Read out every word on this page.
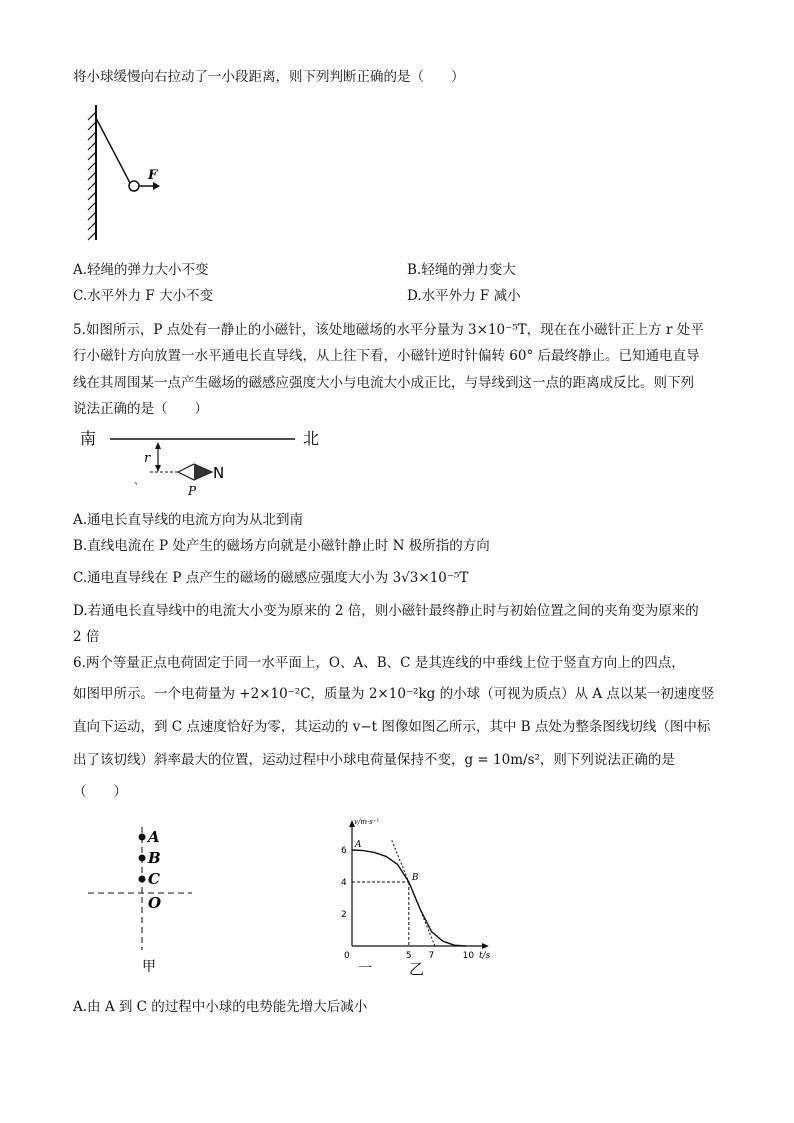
将小球缓慢向右拉动了一小段距离，则下列判断正确的是（　　）
F
A.轻绳的弹力大小不变	B.轻绳的弹力变大
C.水平外力 F 大小不变	D.水平外力 F 减小
5.如图所示，P 点处有一静止的小磁针，该处地磁场的水平分量为 3×10⁻⁵T，现在在小磁针正上方 r 处平
行小磁针方向放置一水平通电长直导线，从上往下看，小磁针逆时针偏转 60° 后最终静止。已知通电直导
线在其周围某一点产生磁场的磁感应强度大小与电流大小成正比，与导线到这一点的距离成反比。则下列
说法正确的是（　　）
南	北
r
、	N
P
A.通电长直导线的电流方向为从北到南
B.直线电流在 P 处产生的磁场方向就是小磁针静止时 N 极所指的方向
C.通电直导线在 P 点产生的磁场的磁感应强度大小为 3√3×10⁻⁵T
D.若通电长直导线中的电流大小变为原来的 2 倍，则小磁针最终静止时与初始位置之间的夹角变为原来的
2 倍
6.两个等量正点电荷固定于同一水平面上，O、A、B、C 是其连线的中垂线上位于竖直方向上的四点，
如图甲所示。一个电荷量为 +2×10⁻²C，质量为 2×10⁻²kg 的小球（可视为质点）从 A 点以某一初速度竖
直向下运动，到 C 点速度恰好为零，其运动的 v−t 图像如图乙所示，其中 B 点处为整条图线切线（图中标
出了该切线）斜率最大的位置，运动过程中小球电荷量保持不变，g = 10m/s²，则下列说法正确的是
（　　）
A
B
C
O
甲
v/m·s⁻¹
t/s
0	5 7	10
2
4
6
A
B
一 乙
A.由 A 到 C 的过程中小球的电势能先增大后减小
